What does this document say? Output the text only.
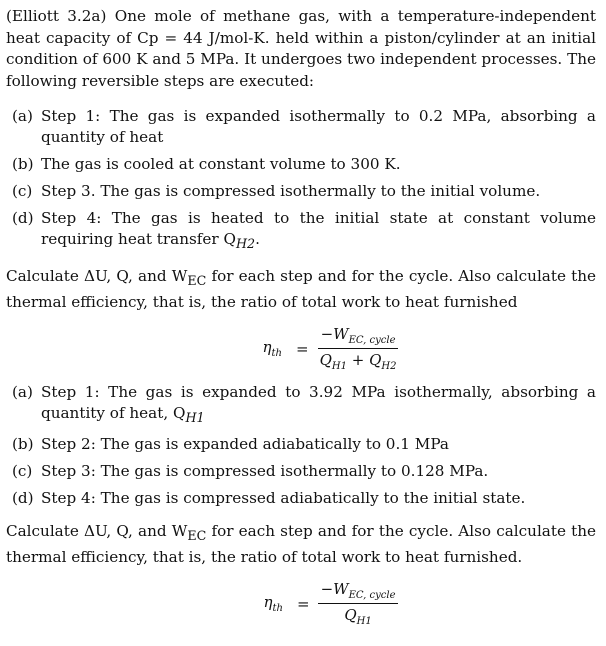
(Elliott 3.2a) One mole of methane gas, with a temperature-independent heat capacity of Cp = 44 J/mol-K. held within a piston/cylinder at an initial condition of 600 K and 5 MPa. It undergoes two independent processes. The following reversible steps are executed:

(a) Step 1: The gas is expanded isothermally to 0.2 MPa, absorbing a quantity of heat
(b) The gas is cooled at constant volume to 300 K.
(c) Step 3. The gas is compressed isothermally to the initial volume.
(d) Step 4: The gas is heated to the initial state at constant volume requiring heat transfer $Q_{H2}$.

Calculate ΔU, Q, and $W_{EC}$ for each step and for the cycle. Also calculate the thermal efficiency, that is, the ratio of total work to heat furnished

$\eta_{th} = \frac{-W_{EC, cycle}}{Q_{H1} + Q_{H2}}$
(a) Step 1: The gas is expanded to 3.92 MPa isothermally, absorbing a quantity of heat, $Q_{H1}$
(b) Step 2: The gas is expanded adiabatically to 0.1 MPa
(c) Step 3: The gas is compressed isothermally to 0.128 MPa.
(d) Step 4: The gas is compressed adiabatically to the initial state.

Calculate ΔU, Q, and $W_{EC}$ for each step and for the cycle. Also calculate the thermal efficiency, that is, the ratio of total work to heat furnished.

$\eta_{th} = \frac{-W_{EC, cycle}}{Q_{H1}}$
